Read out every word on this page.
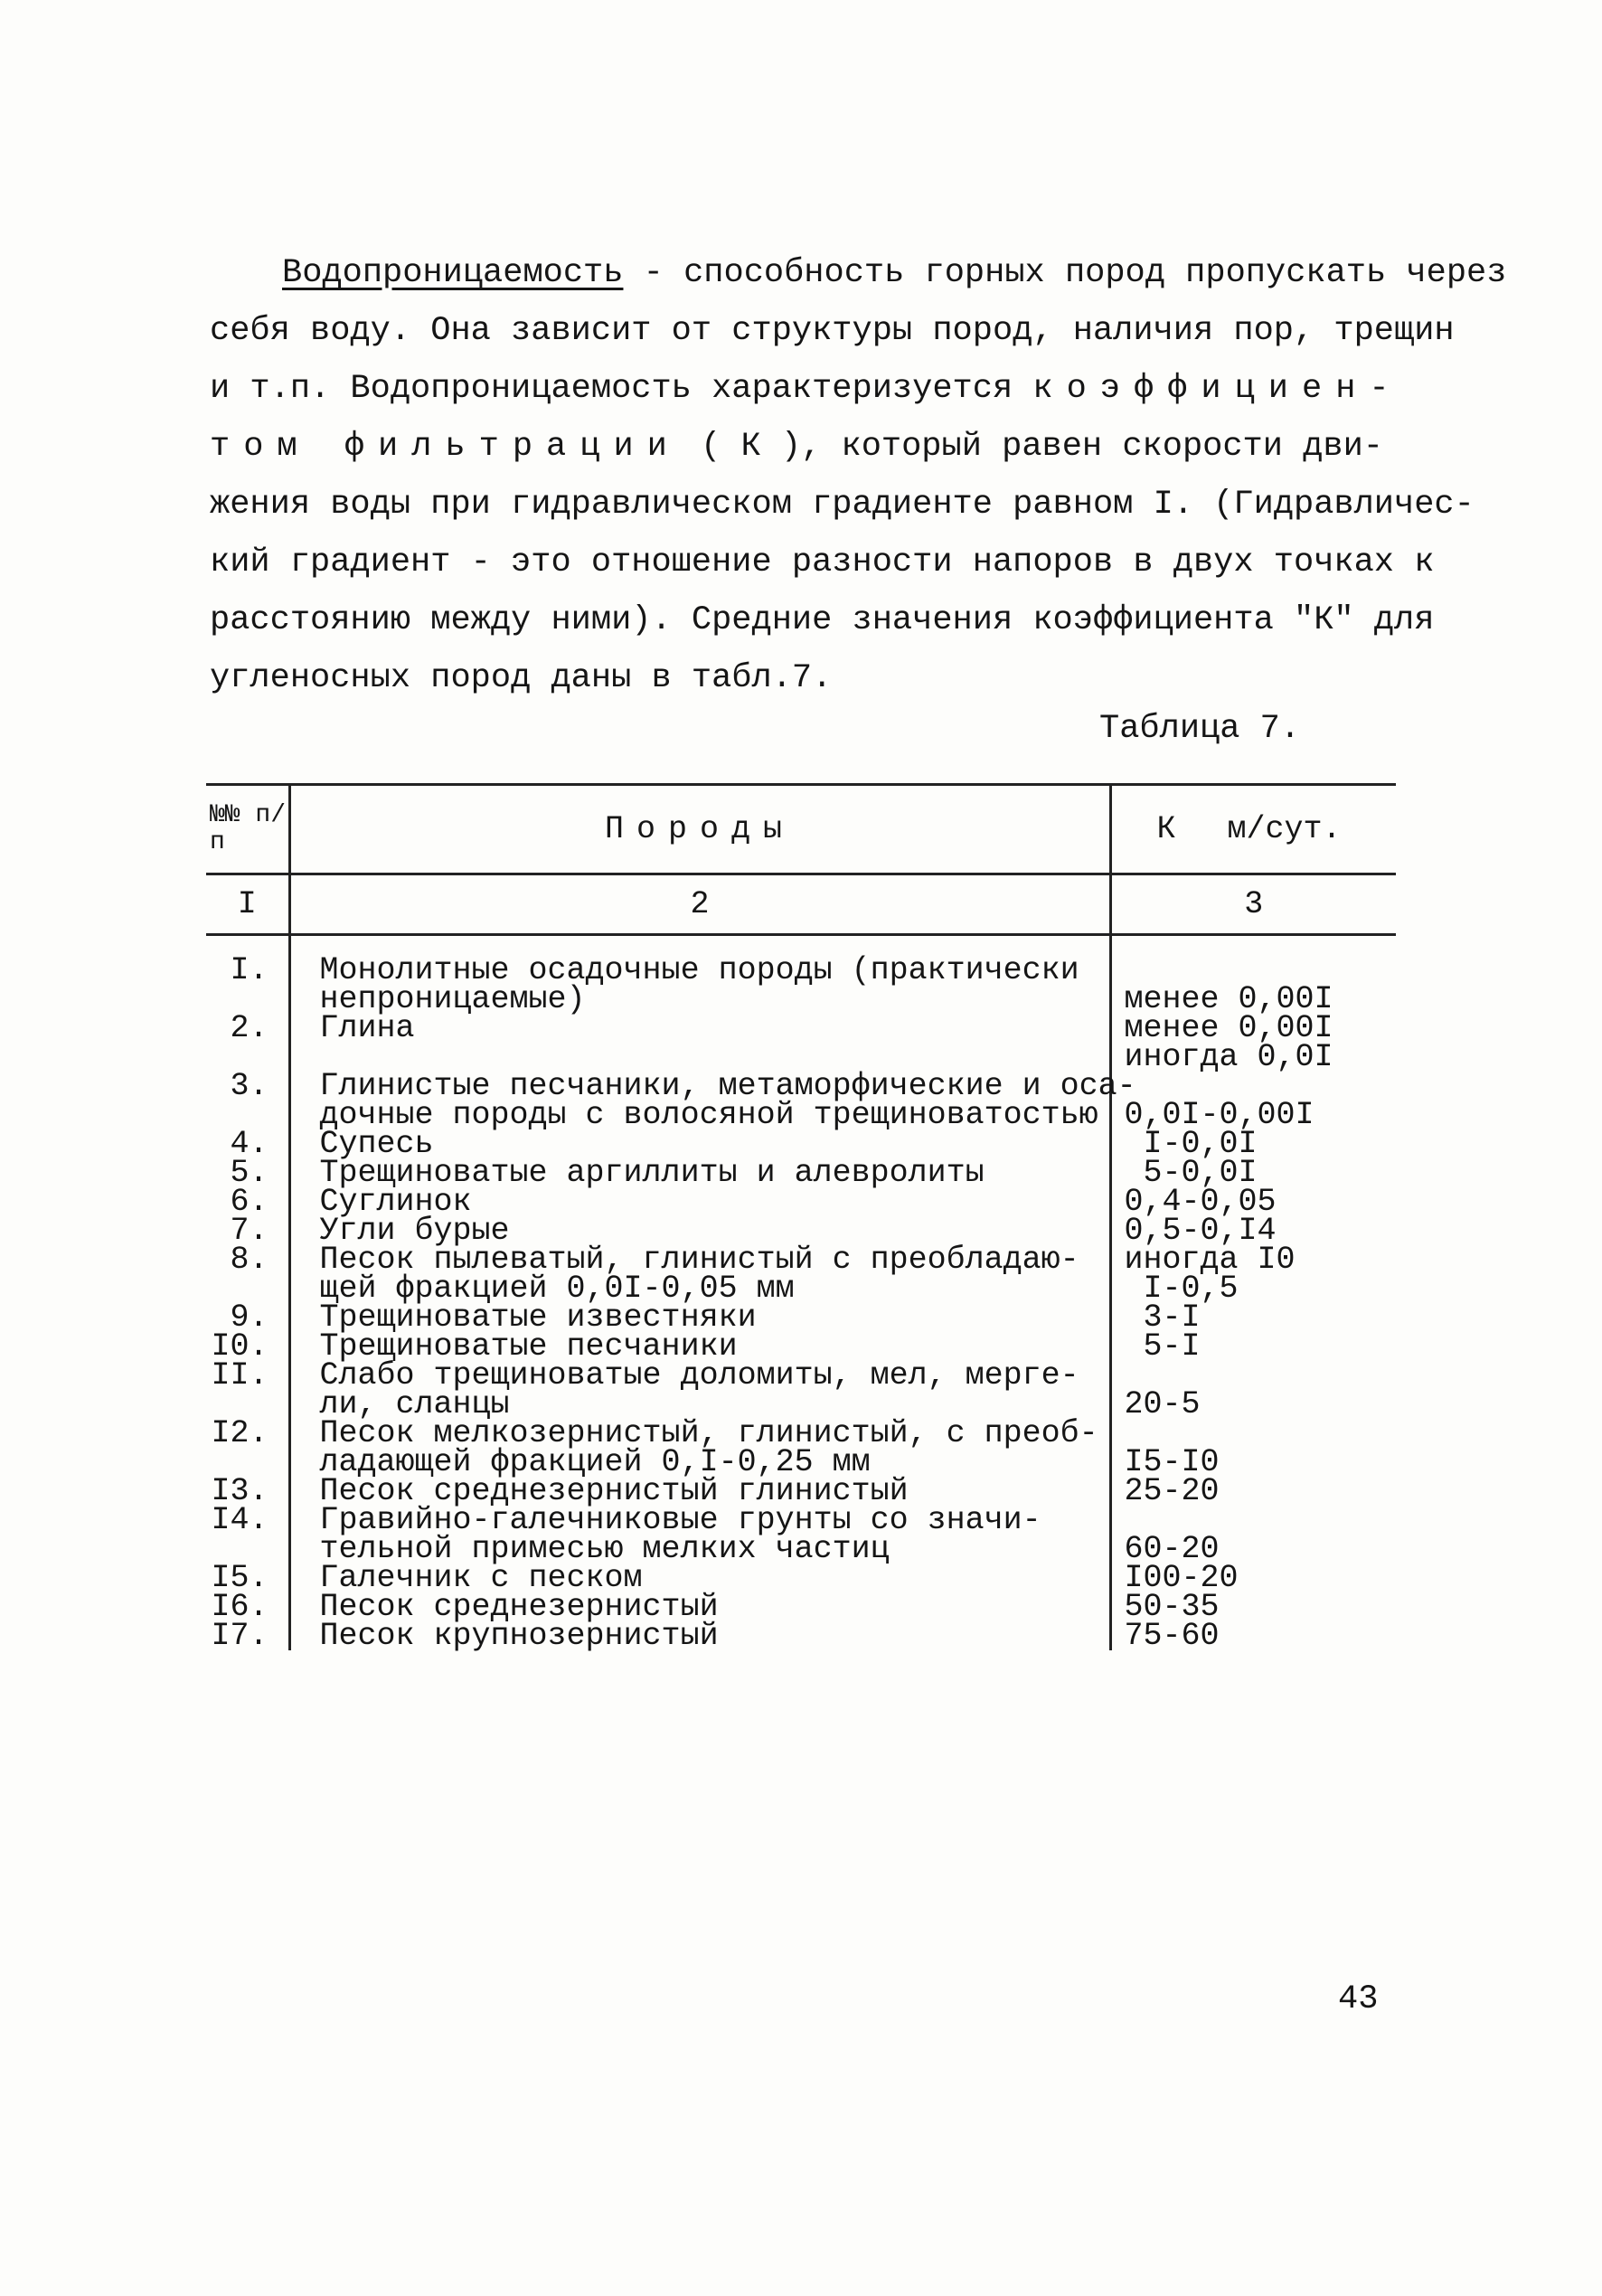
Водопроницаемость - способность горных пород пропускать через
себя воду. Она зависит от структуры пород, наличия пор, трещин
и т.п. Водопроницаемость характеризуется коэффициен-
том фильтрации ( К ), который равен скорости дви-
жения воды при гидравлическом градиенте равном I. (Гидравличес-
кий градиент - это отношение разности напоров в двух точках к
расстоянию между ними). Средние значения коэффициента "К" для
угленосных пород даны в табл.7.
Таблица 7.
№№ п/п	Породы	К м/сут.
I	2	3

I.	Монолитные осадочные породы (практически
непроницаемые)	менее 0,00I

2.	Глина	менее 0,00I
иногда 0,0I

3.	Глинистые песчаники, метаморфические и оса-
дочные породы с волосяной трещиноватостью	0,0I-0,00I

4.	Супесь	I-0,0I

5.	Трещиноватые аргиллиты и алевролиты	5-0,0I

6.	Суглинок	0,4-0,05

7.	Угли бурые	0,5-0,I4

8.	Песок пылеватый, глинистый с преобладаю-
щей фракцией 0,0I-0,05 мм	иногда I0
I-0,5

9.	Трещиноватые известняки	3-I

I0.	Трещиноватые песчаники	5-I

II.	Слабо трещиноватые доломиты, мел, мерге-
ли, сланцы	20-5

I2.	Песок мелкозернистый, глинистый, с преоб-
ладающей фракцией 0,I-0,25 мм	I5-I0

I3.	Песок среднезернистый глинистый	25-20

I4.	Гравийно-галечниковые грунты со значи-
тельной примесью мелких частиц	60-20

I5.	Галечник с песком	I00-20

I6.	Песок среднезернистый	50-35

I7.	Песок крупнозернистый	75-60
43
